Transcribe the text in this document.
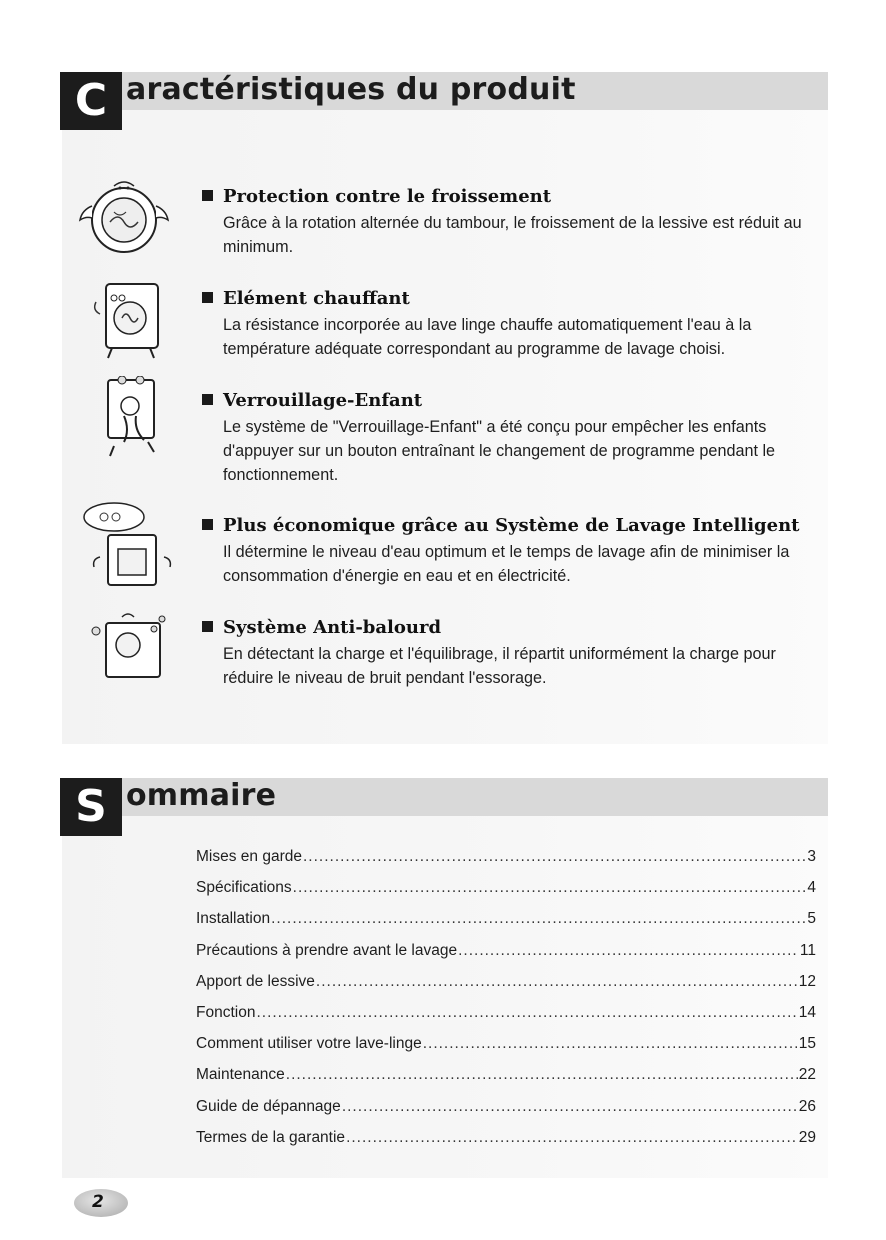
C aractéristiques du produit
Protection contre le froissement
Grâce à la rotation alternée du tambour, le froissement de la lessive est réduit au minimum.
Elément chauffant
La résistance incorporée au lave linge chauffe automatiquement l'eau à la température adéquate correspondant au programme de lavage choisi.
Verrouillage-Enfant
Le système de "Verrouillage-Enfant" a été conçu pour empêcher les enfants d'appuyer sur un bouton entraînant le changement de programme pendant le fonctionnement.
Plus économique grâce au Système de Lavage Intelligent
Il détermine le niveau d'eau optimum et le temps de lavage afin de minimiser la consommation d'énergie en eau et en électricité.
Système Anti-balourd
En détectant la charge et l'équilibrage, il répartit uniformément la charge pour réduire le niveau de bruit pendant l'essorage.
S ommaire
Mises en garde .....	3
Spécifications .....	4
Installation .....	5
Précautions à prendre avant le lavage .....	11
Apport de lessive .....	12
Fonction .....	14
Comment utiliser votre lave-linge .....	15
Maintenance .....	22
Guide de dépannage .....	26
Termes de la garantie .....	29
2
